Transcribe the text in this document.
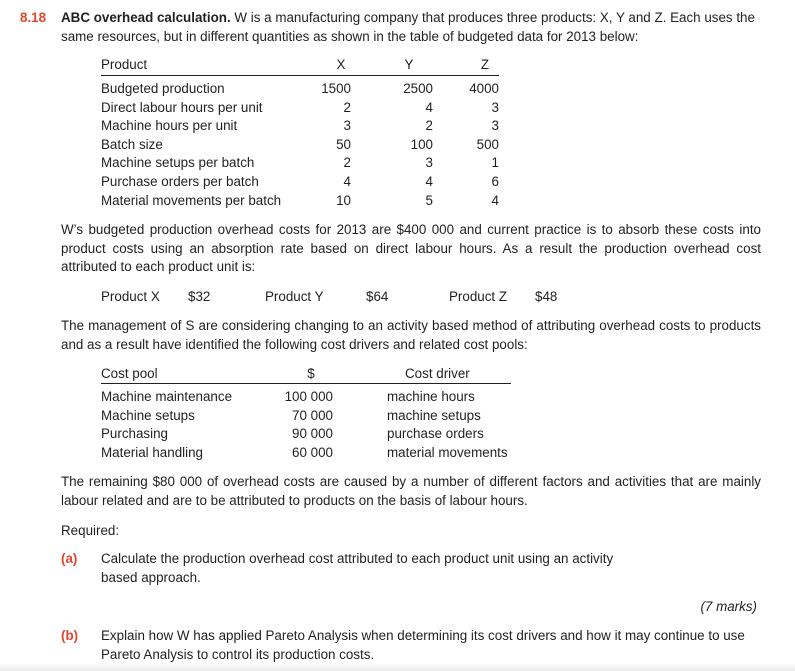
8.18 ABC overhead calculation. W is a manufacturing company that produces three products: X, Y and Z. Each uses the same resources, but in different quantities as shown in the table of budgeted data for 2013 below:
Product	X	Y	Z
Budgeted production	1500	2500	4000
Direct labour hours per unit	2	4	3
Machine hours per unit	3	2	3
Batch size	50	100	500
Machine setups per batch	2	3	1
Purchase orders per batch	4	4	6
Material movements per batch	10	5	4

W’s budgeted production overhead costs for 2013 are $400 000 and current practice is to absorb these costs into product costs using an absorption rate based on direct labour hours. As a result the production overhead cost attributed to each product unit is:

Product X $32	Product Y	$64	Product Z $48

The management of S are considering changing to an activity based method of attributing overhead costs to products and as a result have identified the following cost drivers and related cost pools:

Cost pool	$	Cost driver
Machine maintenance	100 000	machine hours
Machine setups	70 000	machine setups
Purchasing	90 000	purchase orders
Material handling	60 000	material movements

The remaining $80 000 of overhead costs are caused by a number of different factors and activities that are mainly labour related and are to be attributed to products on the basis of labour hours.

Required:
(a) Calculate the production overhead cost attributed to each product unit using an activity
based approach.
(7 marks)
(b) Explain how W has applied Pareto Analysis when determining its cost drivers and how it may continue to use
Pareto Analysis to control its production costs.
